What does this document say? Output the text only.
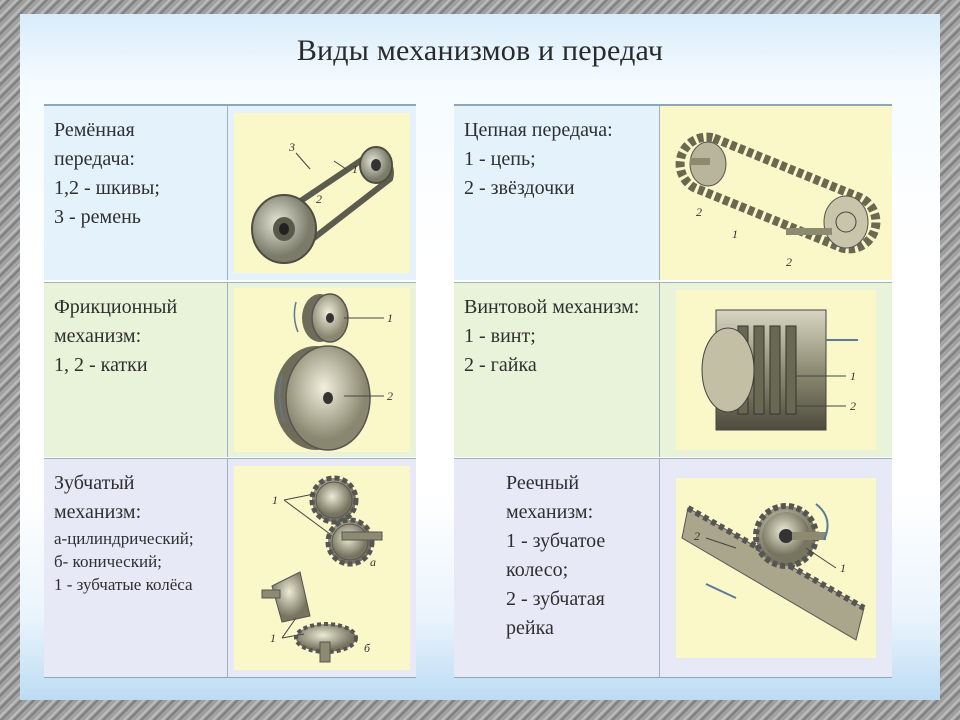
Виды механизмов и передач
Ремённая
передача:
1,2 - шкивы;
3 - ремень
3
1
2
Фрикционный
механизм:
1, 2 - катки
1
2
Зубчатый
механизм:
а-цилиндрический;
б- конический;
1 - зубчатые колёса
1
1
а
б
Цепная передача:
1 - цепь;
2 - звёздочки
2
1
2
Винтовой механизм:
1 - винт;
2 - гайка	1
2
Реечный
механизм:
1 - зубчатое
колесо;
2 - зубчатая
рейка
1
2
